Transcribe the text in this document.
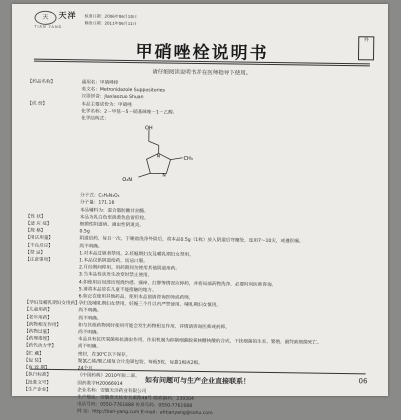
天	天洋
TIAN YANG
核准日期：2006年06月18日
修改日期：2011年06月11日
甲硝唑栓说明书
外
请仔细阅读说明书并在医师指导下使用。
【药品名称】	通用名：甲硝唑栓
英文名：Metronidazole Suppositories
汉语拼音：Jiaxiaozuo Shuan
【成 份】	本品主要成份为：甲硝唑
化学名称：2－甲基－5－硝基咪唑－1－乙醇。
化学结构式：
OH
N
N
O₂N
CH₃
分子式：C₆H₉N₃O₃
分子量：171.16
本品辅料为：混合脂肪酸甘油酯。
【性 状】	本品为乳白色至淡黄色鱼雷形栓。
【适 应 症】	细菌性阴道病、滴虫性阴道炎。
【规 格】	0.5g
【用法用量】	阴道给药，每日一次，于睡前洗净外阴后，将本品0.5g（1枚）放入阴道后穹窿处，连用7～10天，或遵医嘱。
【不良反应】	尚不明确。
【禁 忌】	1.对本品过敏者禁用。2.妊娠期妇女及哺乳期妇女禁用。
【注意事项】	1.本品仅供阴道给药，切忌口服。
2.月经期间停用。用药期间勿使用其他阴道用药。
3.当本品性状发生改变时禁止使用。
4.如使用后局部出现烧灼感、瘙痒、红肿等情况应停药，并将局部药物洗净，必要时向医师咨询。
5.请将本品放在儿童不能接触的地方。
6.如正在使用其他药品，使用本品前请咨询医师或药师。
【孕妇及哺乳期妇女用药】
孕妇及哺乳期妇女禁用。妊娠三个月以内严禁使用。哺乳期妇女慎用。
【儿童用药】	尚不明确。
【老年用药】	尚不明确。
【药物相互作用】	如与其他药物同时使用可能会发生药物相互作用，详情请咨询医师或药师。
【药物过量】	尚不明确。
【药理毒理】	本品具有抗厌氧菌和抗滴虫作用，作用机制为抑制细菌脱氧核糖核酸的合成，干扰细菌的生长、繁殖，最终致细菌死亡。
【药代动力学】	尚不明确。
【贮 藏】	密封，在30℃以下保存。
【包 装】	聚氯乙烯/聚乙烯复合片泡罩包装，每板5枚，每盒1板或2板。
【有 效 期】	24个月
【执行标准】	《中国药典》2010年版二部。
【批准文号】	国药准字H20066914
【生产企业】	企业名称：安徽天洋药业有限公司
生产地址：安徽省天长市天康路48号 邮政编码：239304
电话号码：0550-7761688 传真号码：0550-7761688
网 址：http://tian-yang.com E-mail：ahtianyang@sohu.com
如有问题可与生产企业直接联系！	06
